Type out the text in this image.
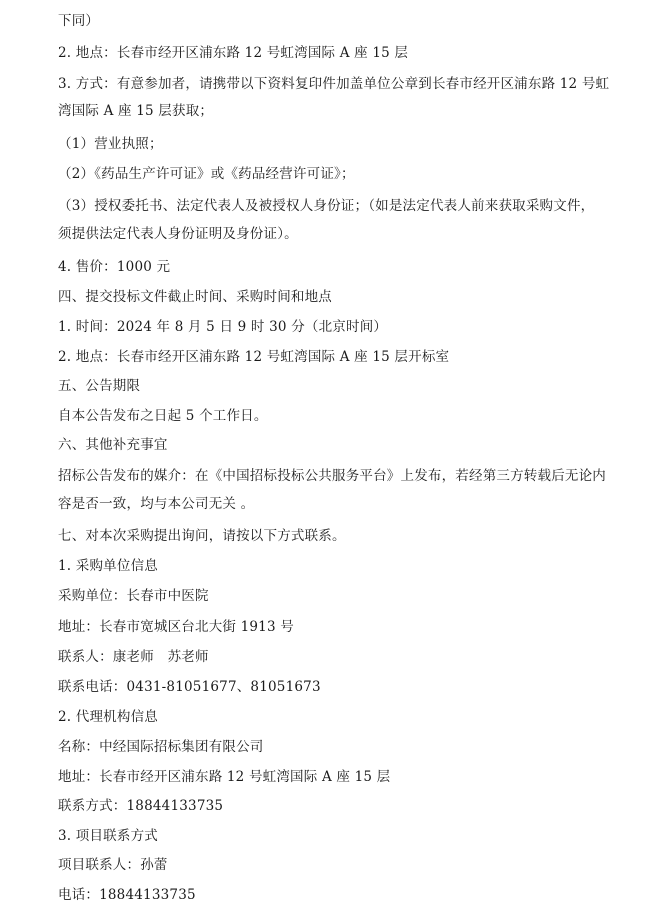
下同）
2. 地点：长春市经开区浦东路 12 号虹湾国际 A 座 15 层
3. 方式：有意参加者，请携带以下资料复印件加盖单位公章到长春市经开区浦东路 12 号虹
湾国际 A 座 15 层获取；
（1）营业执照；
（2）《药品生产许可证》或《药品经营许可证》；
（3）授权委托书、法定代表人及被授权人身份证；（如是法定代表人前来获取采购文件，
须提供法定代表人身份证明及身份证）。
4. 售价：1000 元
四、提交投标文件截止时间、采购时间和地点
1. 时间：2024 年 8 月 5 日 9 时 30 分（北京时间）
2. 地点：长春市经开区浦东路 12 号虹湾国际 A 座 15 层开标室
五、公告期限
自本公告发布之日起 5 个工作日。
六、其他补充事宜
招标公告发布的媒介：在《中国招标投标公共服务平台》上发布，若经第三方转载后无论内
容是否一致，均与本公司无关 。
七、对本次采购提出询问，请按以下方式联系。
1. 采购单位信息
采购单位：长春市中医院
地址：长春市宽城区台北大街 1913 号
联系人：康老师　苏老师
联系电话：0431-81051677、81051673
2. 代理机构信息
名称：中经国际招标集团有限公司
地址：长春市经开区浦东路 12 号虹湾国际 A 座 15 层
联系方式：18844133735
3. 项目联系方式
项目联系人：孙蕾
电话：18844133735
